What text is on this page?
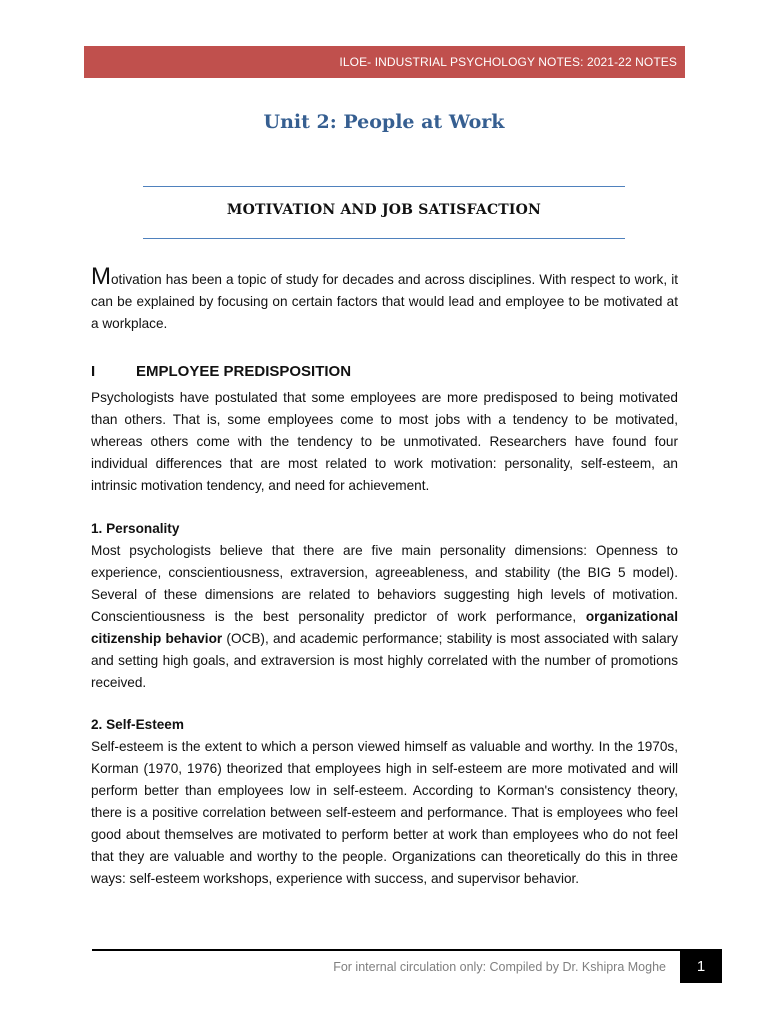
ILOE- INDUSTRIAL PSYCHOLOGY NOTES: 2021-22 NOTES
Unit 2: People at Work
MOTIVATION AND JOB SATISFACTION

Motivation has been a topic of study for decades and across disciplines. With respect to work, it can be explained by focusing on certain factors that would lead and employee to be motivated at a workplace.

I	EMPLOYEE PREDISPOSITION

Psychologists have postulated that some employees are more predisposed to being motivated than others. That is, some employees come to most jobs with a tendency to be motivated, whereas others come with the tendency to be unmotivated. Researchers have found four individual differences that are most related to work motivation: personality, self-esteem, an intrinsic motivation tendency, and need for achievement.

1. Personality

Most psychologists believe that there are five main personality dimensions: Openness to experience, conscientiousness, extraversion, agreeableness, and stability (the BIG 5 model). Several of these dimensions are related to behaviors suggesting high levels of motivation. Conscientiousness is the best personality predictor of work performance, organizational citizenship behavior (OCB), and academic performance; stability is most associated with salary and setting high goals, and extraversion is most highly correlated with the number of promotions received.

2. Self-Esteem

Self-esteem is the extent to which a person viewed himself as valuable and worthy. In the 1970s, Korman (1970, 1976) theorized that employees high in self-esteem are more motivated and will perform better than employees low in self-esteem. According to Korman's consistency theory, there is a positive correlation between self-esteem and performance. That is employees who feel good about themselves are motivated to perform better at work than employees who do not feel that they are valuable and worthy to the people. Organizations can theoretically do this in three ways: self-esteem workshops, experience with success, and supervisor behavior.

For internal circulation only: Compiled by Dr. Kshipra Moghe 1
